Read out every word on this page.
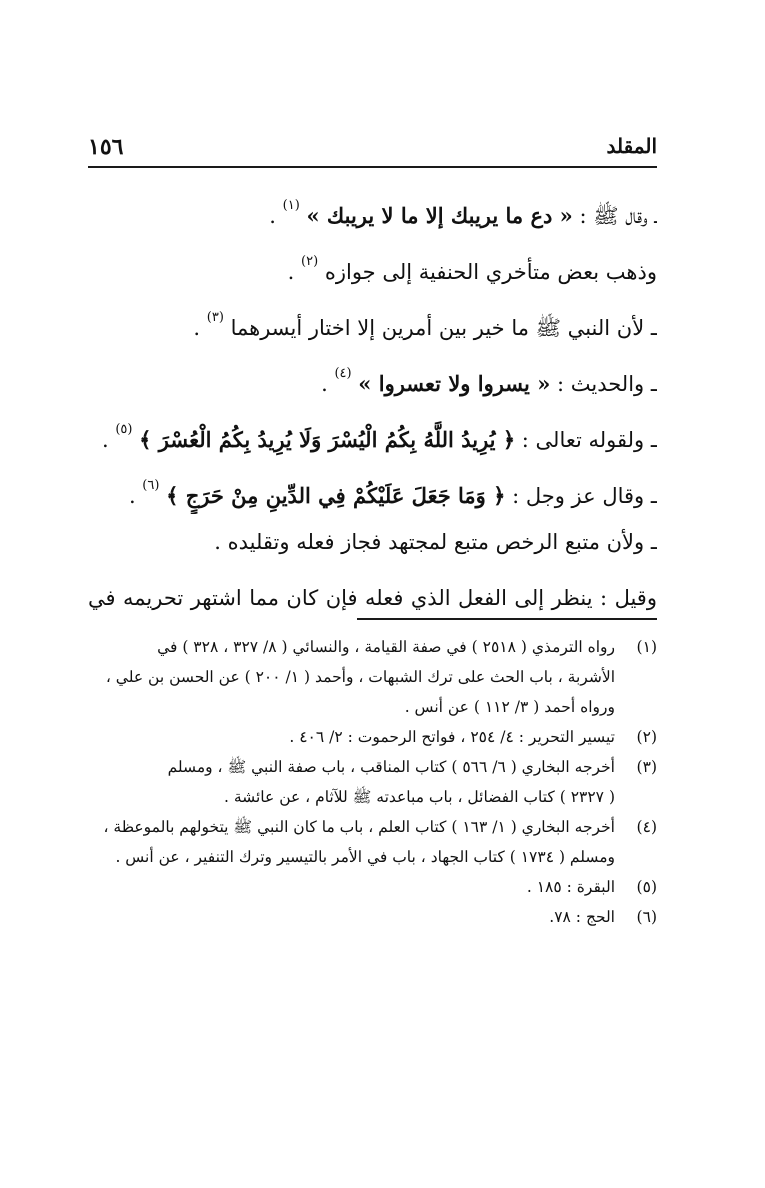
١٥٦	المقلد
ـ وقال ﷺ : « دع ما يريبك إلا ما لا يريبك » $^{(١)}$ .
وذهب بعض متأخري الحنفية إلى جوازه $^{(٢)}$ .
ـ لأن النبي ﷺ ما خير بين أمرين إلا اختار أيسرهما $^{(٣)}$ .
ـ والحديث : « يسروا ولا تعسروا » $^{(٤)}$ .
ـ ولقوله تعالى : ﴿ يُرِيدُ اللَّهُ بِكُمُ الْيُسْرَ وَلَا يُرِيدُ بِكُمُ الْعُسْرَ ﴾ $^{(٥)}$ .
ـ وقال عز وجل : ﴿ وَمَا جَعَلَ عَلَيْكُمْ فِي الدِّينِ مِنْ حَرَجٍ ﴾ $^{(٦)}$ .
ـ ولأن متبع الرخص متبع لمجتهد فجاز فعله وتقليده .
وقيل : ينظر إلى الفعل الذي فعله فإن كان مما اشتهر تحريمه في
(١)
رواه الترمذي ( ٢٥١٨ ) في صفة القيامة ، والنسائي ( ٨/ ٣٢٧ ، ٣٢٨ ) في
الأشربة ، باب الحث على ترك الشبهات ، وأحمد ( ١/ ٢٠٠ ) عن الحسن بن علي ،
ورواه أحمد ( ٣/ ١١٢ ) عن أنس .
(٢)
تيسير التحرير : ٤/ ٢٥٤ ، فواتح الرحموت : ٢/ ٤٠٦ .
(٣)
أخرجه البخاري ( ٦/ ٥٦٦ ) كتاب المناقب ، باب صفة النبي ﷺ ، ومسلم
( ٢٣٢٧ ) كتاب الفضائل ، باب مباعدته ﷺ للآثام ، عن عائشة .
(٤)
أخرجه البخاري ( ١/ ١٦٣ ) كتاب العلم ، باب ما كان النبي ﷺ يتخولهم بالموعظة ،
ومسلم ( ١٧٣٤ ) كتاب الجهاد ، باب في الأمر بالتيسير وترك التنفير ، عن أنس .
(٥)
البقرة : ١٨٥ .
(٦)
الحج : ٧٨.
